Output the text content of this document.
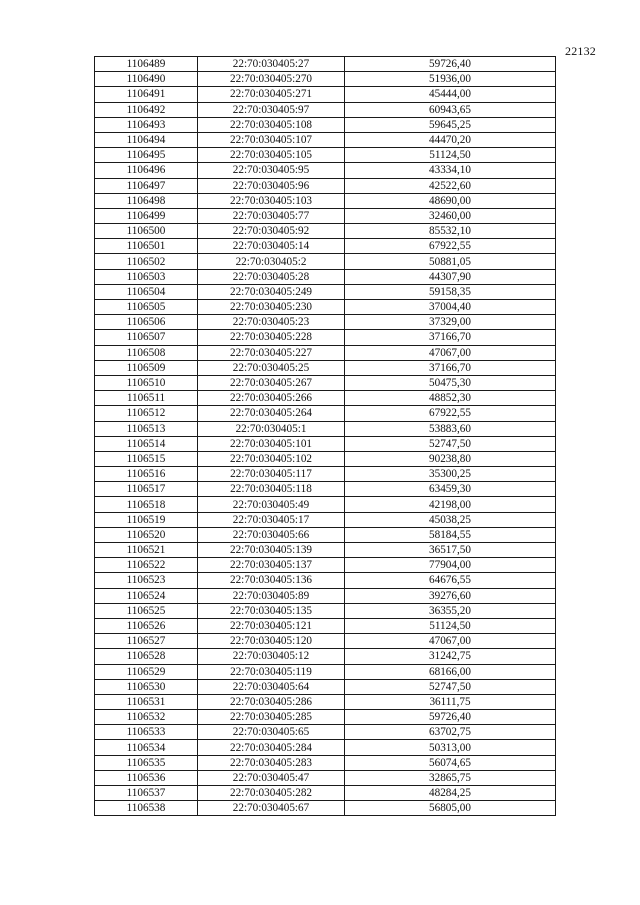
22132
1106489	22:70:030405:27	59726,40
1106490	22:70:030405:270	51936,00
1106491	22:70:030405:271	45444,00
1106492	22:70:030405:97	60943,65
1106493	22:70:030405:108	59645,25
1106494	22:70:030405:107	44470,20
1106495	22:70:030405:105	51124,50
1106496	22:70:030405:95	43334,10
1106497	22:70:030405:96	42522,60
1106498	22:70:030405:103	48690,00
1106499	22:70:030405:77	32460,00
1106500	22:70:030405:92	85532,10
1106501	22:70:030405:14	67922,55
1106502	22:70:030405:2	50881,05
1106503	22:70:030405:28	44307,90
1106504	22:70:030405:249	59158,35
1106505	22:70:030405:230	37004,40
1106506	22:70:030405:23	37329,00
1106507	22:70:030405:228	37166,70
1106508	22:70:030405:227	47067,00
1106509	22:70:030405:25	37166,70
1106510	22:70:030405:267	50475,30
1106511	22:70:030405:266	48852,30
1106512	22:70:030405:264	67922,55
1106513	22:70:030405:1	53883,60
1106514	22:70:030405:101	52747,50
1106515	22:70:030405:102	90238,80
1106516	22:70:030405:117	35300,25
1106517	22:70:030405:118	63459,30
1106518	22:70:030405:49	42198,00
1106519	22:70:030405:17	45038,25
1106520	22:70:030405:66	58184,55
1106521	22:70:030405:139	36517,50
1106522	22:70:030405:137	77904,00
1106523	22:70:030405:136	64676,55
1106524	22:70:030405:89	39276,60
1106525	22:70:030405:135	36355,20
1106526	22:70:030405:121	51124,50
1106527	22:70:030405:120	47067,00
1106528	22:70:030405:12	31242,75
1106529	22:70:030405:119	68166,00
1106530	22:70:030405:64	52747,50
1106531	22:70:030405:286	36111,75
1106532	22:70:030405:285	59726,40
1106533	22:70:030405:65	63702,75
1106534	22:70:030405:284	50313,00
1106535	22:70:030405:283	56074,65
1106536	22:70:030405:47	32865,75
1106537	22:70:030405:282	48284,25
1106538	22:70:030405:67	56805,00
